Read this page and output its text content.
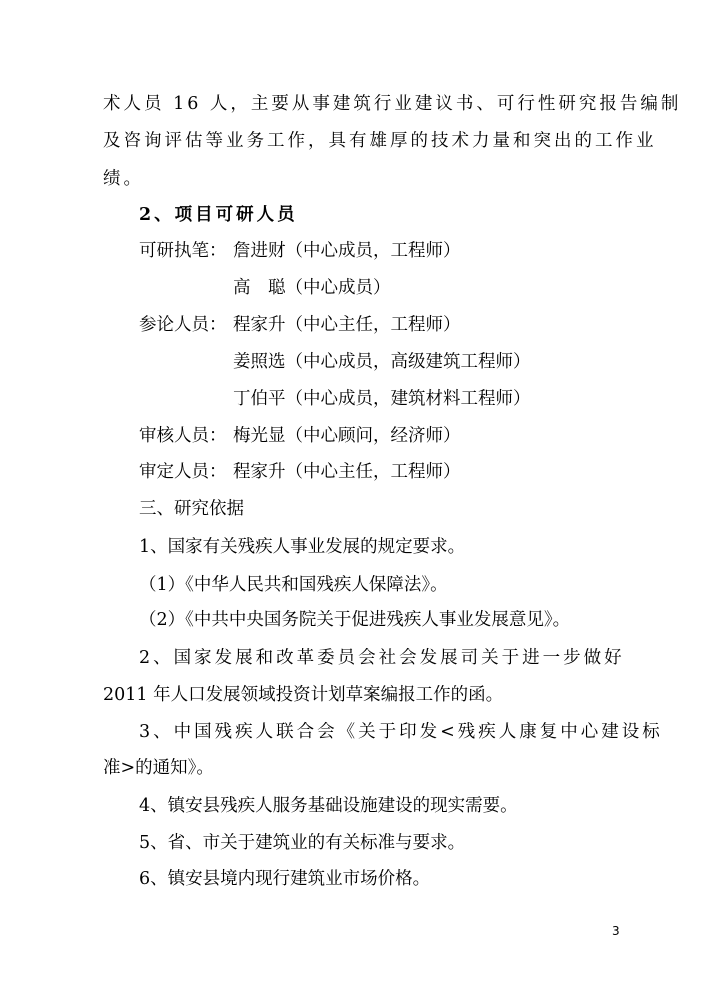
术人员 16 人，主要从事建筑行业建议书、可行性研究报告编制
及咨询评估等业务工作，具有雄厚的技术力量和突出的工作业
绩。
2、项目可研人员
可研执笔： 詹进财（中心成员，工程师）
高　聪（中心成员）
参论人员： 程家升（中心主任，工程师）
姜照选（中心成员，高级建筑工程师）
丁伯平（中心成员，建筑材料工程师）
审核人员： 梅光显（中心顾问，经济师）
审定人员： 程家升（中心主任，工程师）
三、研究依据
1、国家有关残疾人事业发展的规定要求。
（1）《中华人民共和国残疾人保障法》。
（2）《中共中央国务院关于促进残疾人事业发展意见》。
2、国家发展和改革委员会社会发展司关于进一步做好
2011 年人口发展领域投资计划草案编报工作的函。
3、中国残疾人联合会《关于印发<残疾人康复中心建设标
准>的通知》。
4、镇安县残疾人服务基础设施建设的现实需要。
5、省、市关于建筑业的有关标准与要求。
6、镇安县境内现行建筑业市场价格。
3
